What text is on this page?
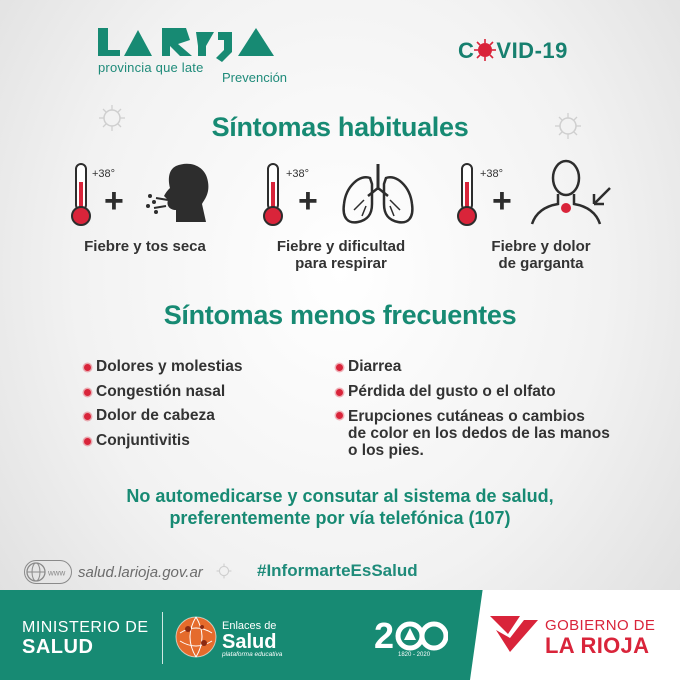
provincia que late
Prevención
C VID-19
Síntomas habituales
+38°
+
Fiebre y tos seca
+38°
+
Fiebre y dificultad
para respirar
+38°
+
Fiebre y dolor
de garganta
Síntomas menos frecuentes
Dolores y molestias
Congestión nasal
Dolor de cabeza
Conjuntivitis
Diarrea
Pérdida del gusto o el olfato
Erupciones cutáneas o cambios
de color en los dedos de las manos
o los pies.
No automedicarse y consutar al sistema de salud,
preferentemente por vía telefónica (107)
www salud.larioja.gov.ar	#InformarteEsSalud
MINISTERIO DE
SALUD
Enlaces de
Salud
plataforma educativa	2 1820 - 2020
GOBIERNO DE
LA RIOJA
